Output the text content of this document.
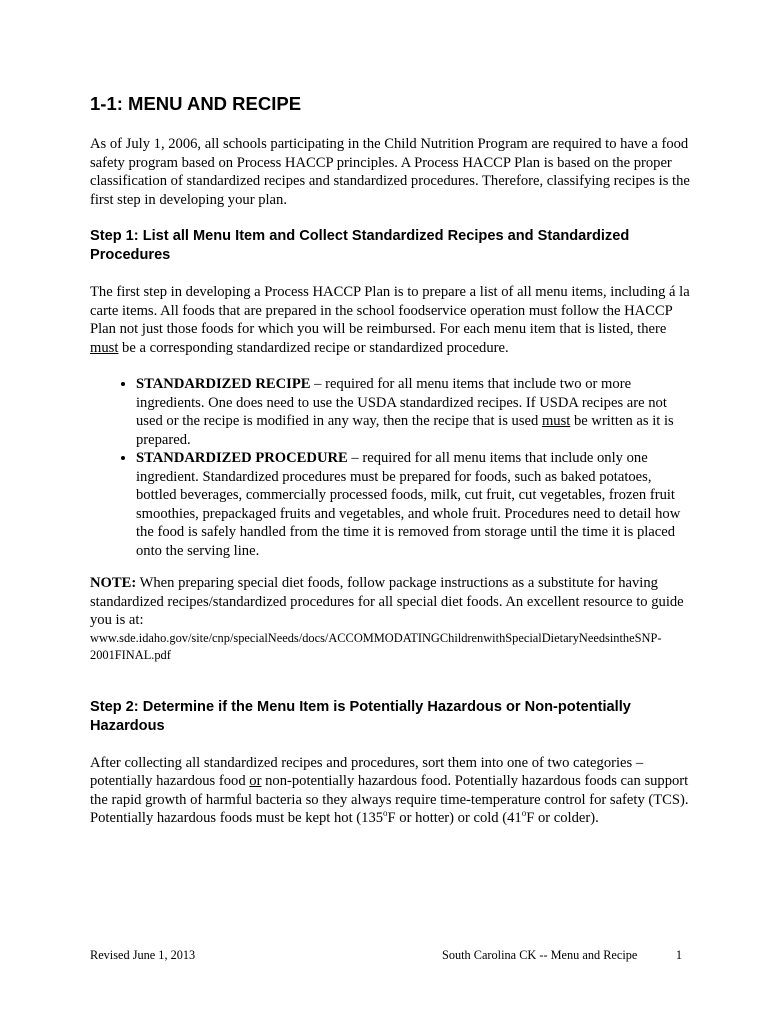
1-1: MENU AND RECIPE

As of July 1, 2006, all schools participating in the Child Nutrition Program are required to have a food safety program based on Process HACCP principles. A Process HACCP Plan is based on the proper classification of standardized recipes and standardized procedures. Therefore, classifying recipes is the first step in developing your plan.

Step 1: List all Menu Item and Collect Standardized Recipes and Standardized Procedures

The first step in developing a Process HACCP Plan is to prepare a list of all menu items, including á la carte items. All foods that are prepared in the school foodservice operation must follow the HACCP Plan not just those foods for which you will be reimbursed. For each menu item that is listed, there must be a corresponding standardized recipe or standardized procedure.

• STANDARDIZED RECIPE – required for all menu items that include two or more ingredients. One does need to use the USDA standardized recipes. If USDA recipes are not used or the recipe is modified in any way, then the recipe that is used must be written as it is prepared.
• STANDARDIZED PROCEDURE – required for all menu items that include only one ingredient. Standardized procedures must be prepared for foods, such as baked potatoes, bottled beverages, commercially processed foods, milk, cut fruit, cut vegetables, frozen fruit smoothies, prepackaged fruits and vegetables, and whole fruit. Procedures need to detail how the food is safely handled from the time it is removed from storage until the time it is placed onto the serving line.

NOTE: When preparing special diet foods, follow package instructions as a substitute for having standardized recipes/standardized procedures for all special diet foods. An excellent resource to guide you is at:

www.sde.idaho.gov/site/cnp/specialNeeds/docs/ACCOMMODATINGChildrenwithSpecialDietaryNeedsintheSNP-2001FINAL.pdf

Step 2: Determine if the Menu Item is Potentially Hazardous or Non-potentially Hazardous

After collecting all standardized recipes and procedures, sort them into one of two categories – potentially hazardous food or non-potentially hazardous food. Potentially hazardous foods can support the rapid growth of harmful bacteria so they always require time-temperature control for safety (TCS). Potentially hazardous foods must be kept hot (135$^o$F or hotter) or cold (41$^o$F or colder).

Revised June 1, 2013	South Carolina CK -- Menu and Recipe	1
